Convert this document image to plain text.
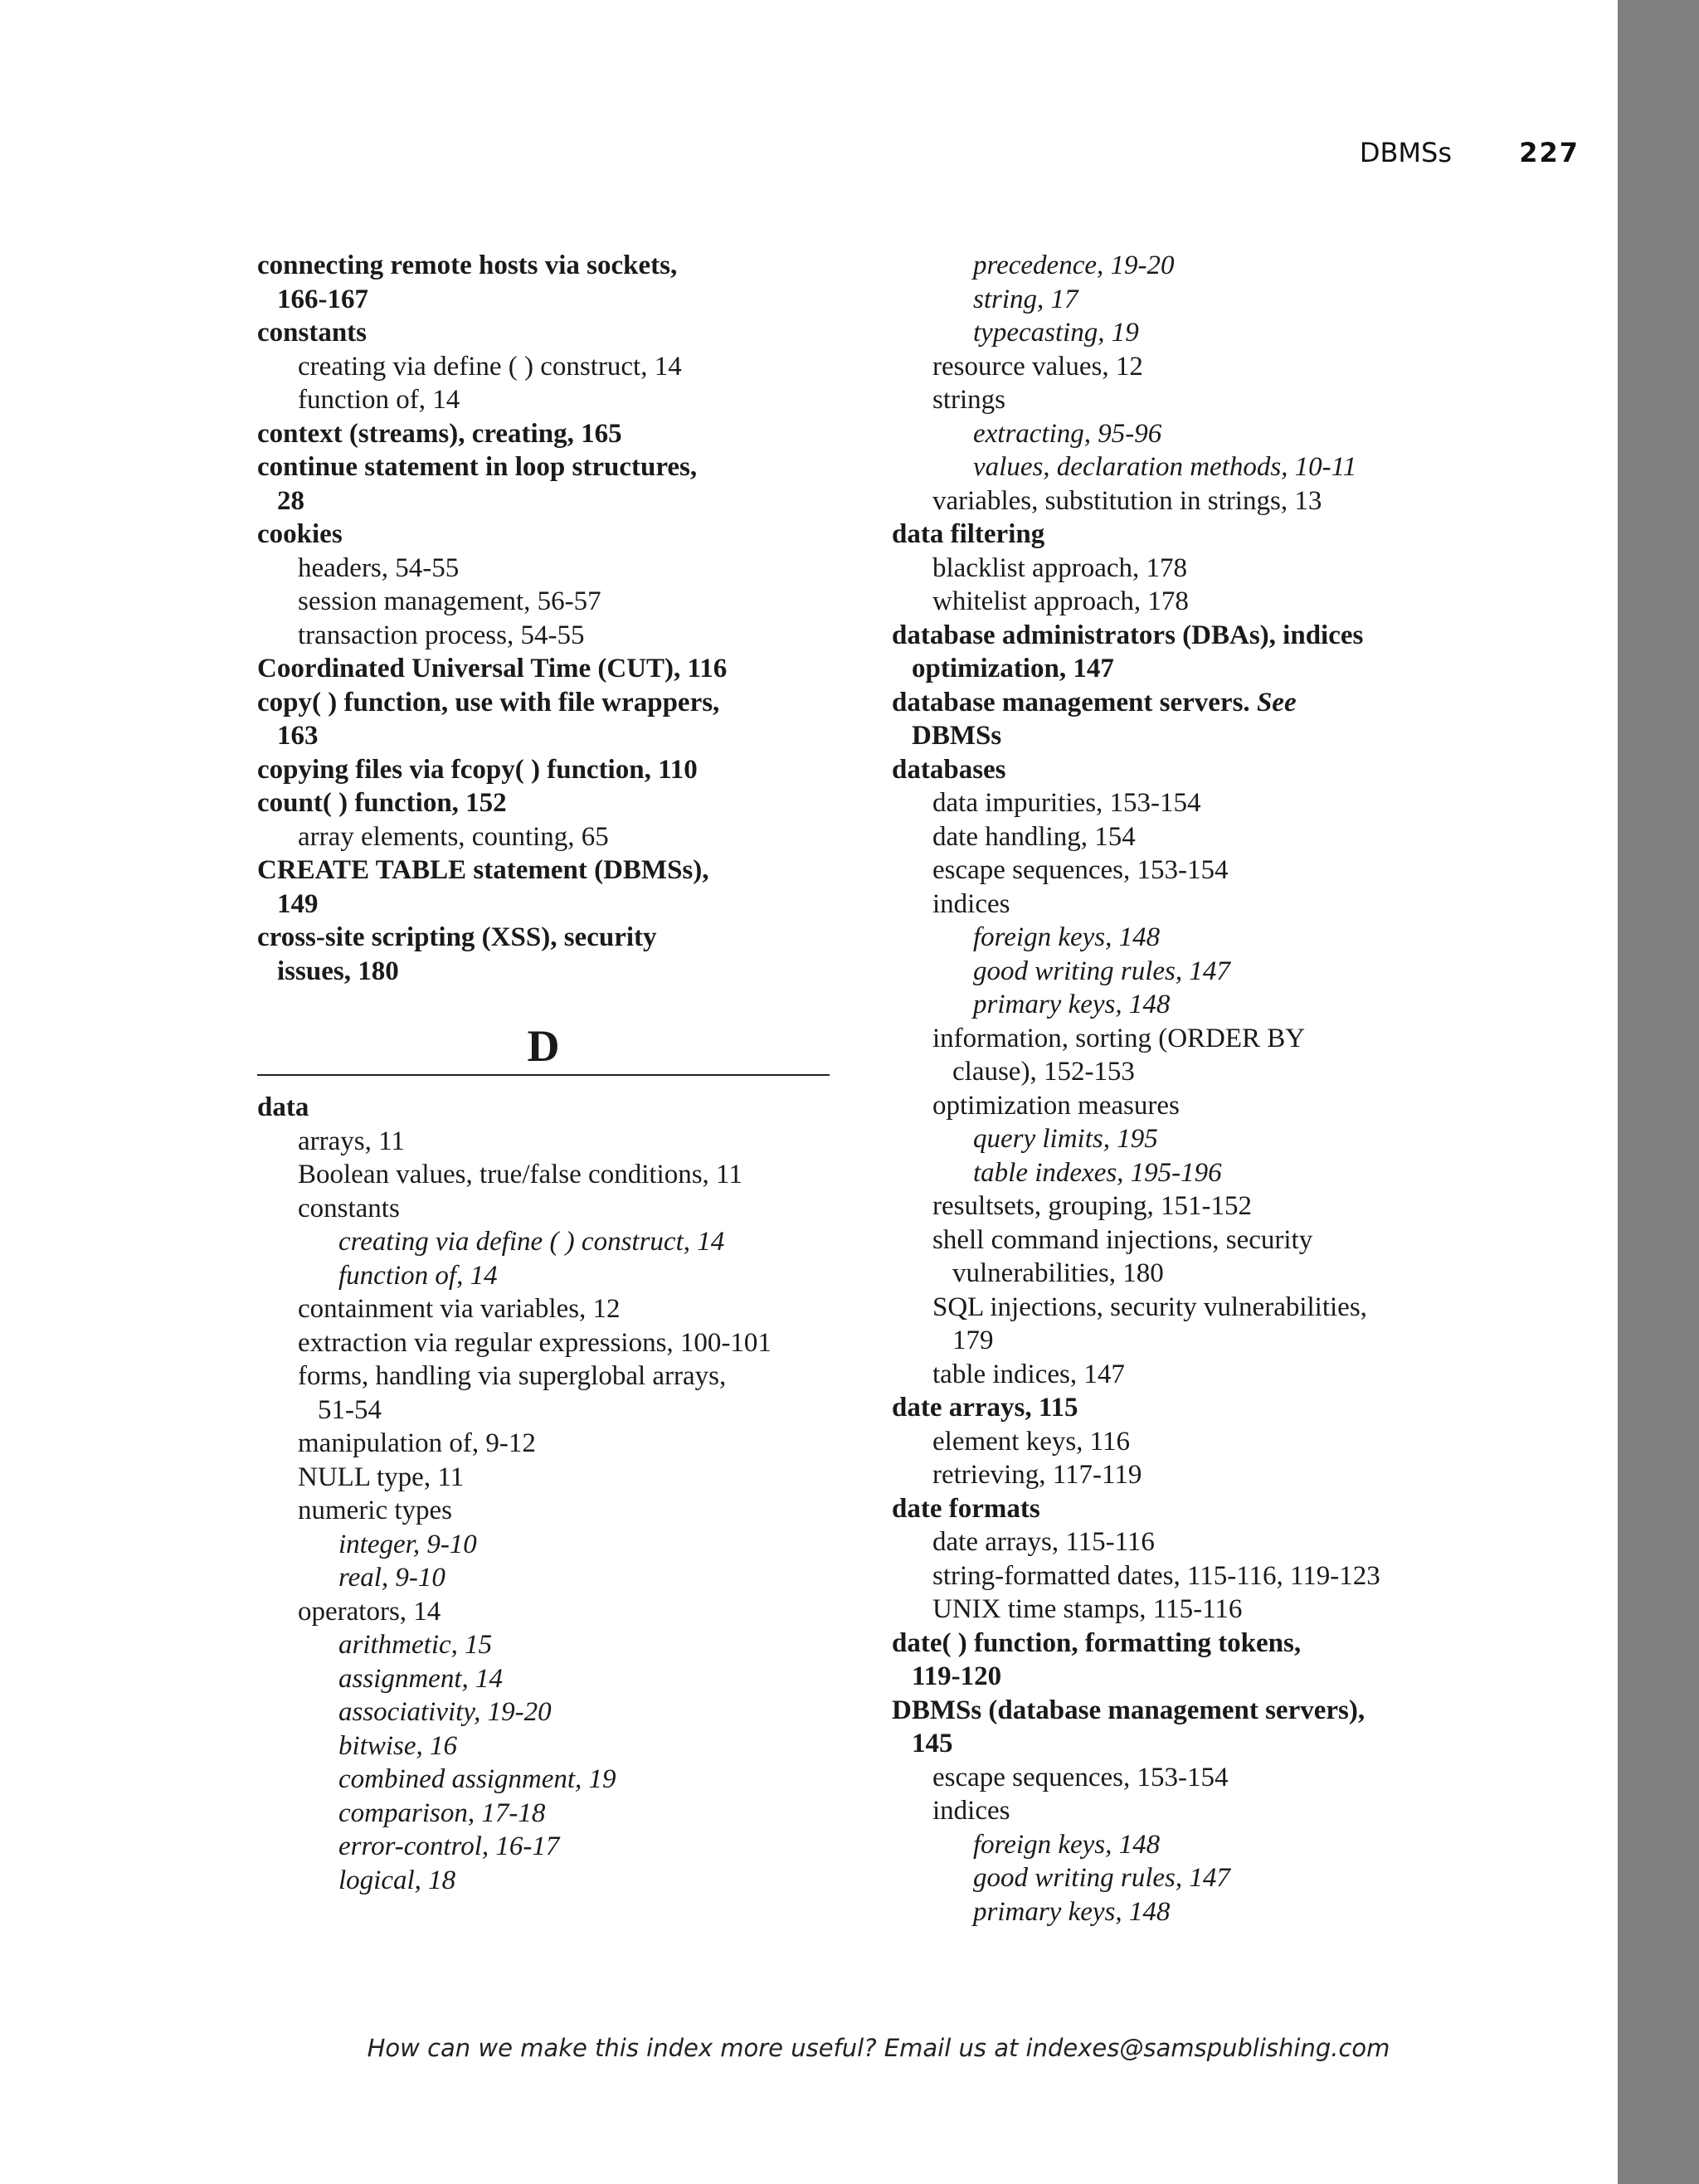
DBMSs	227
connecting remote hosts via sockets,
166-167
constants
creating via define ( ) construct, 14
function of, 14
context (streams), creating, 165
continue statement in loop structures,
28
cookies
headers, 54-55
session management, 56-57
transaction process, 54-55
Coordinated Universal Time (CUT), 116
copy( ) function, use with file wrappers,
163
copying files via fcopy( ) function, 110
count( ) function, 152
array elements, counting, 65
CREATE TABLE statement (DBMSs),
149
cross-site scripting (XSS), security
issues, 180
D
data
arrays, 11
Boolean values, true/false conditions, 11
constants
creating via define ( ) construct, 14
function of, 14
containment via variables, 12
extraction via regular expressions, 100-101
forms, handling via superglobal arrays,
51-54
manipulation of, 9-12
NULL type, 11
numeric types
integer, 9-10
real, 9-10
operators, 14
arithmetic, 15
assignment, 14
associativity, 19-20
bitwise, 16
combined assignment, 19
comparison, 17-18
error-control, 16-17
logical, 18
precedence, 19-20
string, 17
typecasting, 19
resource values, 12
strings
extracting, 95-96
values, declaration methods, 10-11
variables, substitution in strings, 13
data filtering
blacklist approach, 178
whitelist approach, 178
database administrators (DBAs), indices
optimization, 147
database management servers. See
DBMSs
databases
data impurities, 153-154
date handling, 154
escape sequences, 153-154
indices
foreign keys, 148
good writing rules, 147
primary keys, 148
information, sorting (ORDER BY
clause), 152-153
optimization measures
query limits, 195
table indexes, 195-196
resultsets, grouping, 151-152
shell command injections, security
vulnerabilities, 180
SQL injections, security vulnerabilities,
179
table indices, 147
date arrays, 115
element keys, 116
retrieving, 117-119
date formats
date arrays, 115-116
string-formatted dates, 115-116, 119-123
UNIX time stamps, 115-116
date( ) function, formatting tokens,
119-120
DBMSs (database management servers),
145
escape sequences, 153-154
indices
foreign keys, 148
good writing rules, 147
primary keys, 148
How can we make this index more useful? Email us at indexes@samspublishing.com
